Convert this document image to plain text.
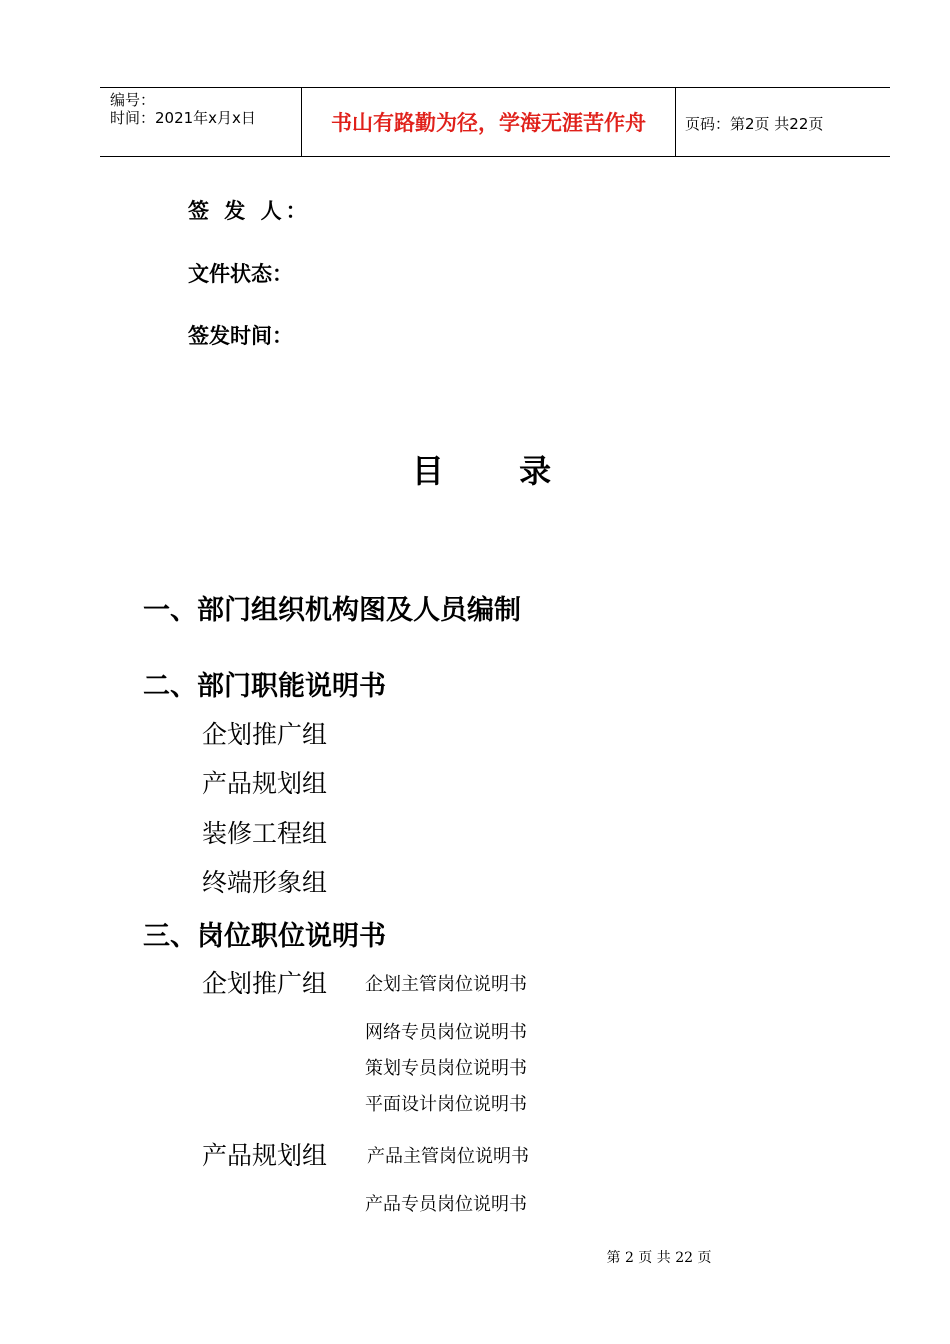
编号：
时间：2021年x月x日	书山有路勤为径，学海无涯苦作舟	页码：第2页 共22页
签 发 人：
文件状态：
签发时间：
目 录
一、部门组织机构图及人员编制
二、部门职能说明书
企划推广组
产品规划组
装修工程组
终端形象组
三、岗位职位说明书
企划推广组 企划主管岗位说明书
网络专员岗位说明书
策划专员岗位说明书
平面设计岗位说明书
产品规划组 产品主管岗位说明书
产品专员岗位说明书
第 2 页 共 22 页
